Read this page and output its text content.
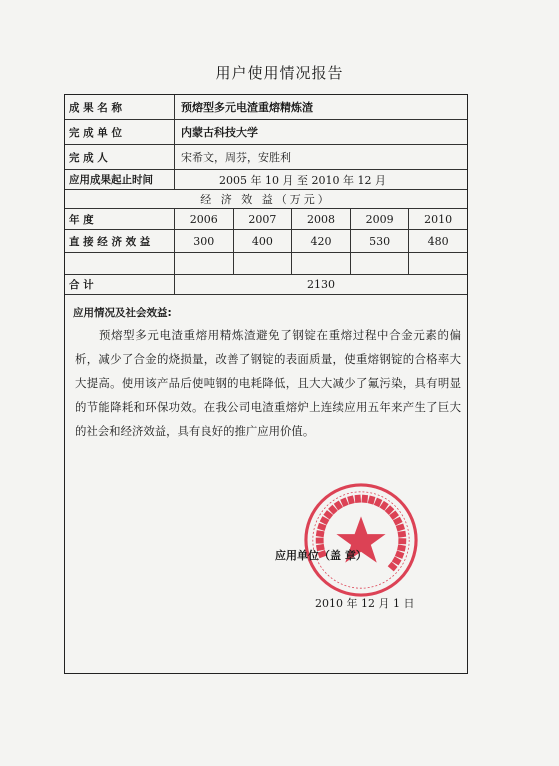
用户使用情况报告
成 果 名 称	预熔型多元电渣重熔精炼渣
完 成 单 位	内蒙古科技大学
完 成 人	宋希文，周芬，安胜利
应用成果起止时间	2005 年 10 月 至 2010 年 12 月
经 济 效 益（万元）
年 度	2006	2007	2008	2009	2010
直 接 经 济 效 益	300	400	420	530	480
合 计	2130
应用情况及社会效益:
预熔型多元电渣重熔用精炼渣避免了钢锭在重熔过程中合金元素的偏析，减少了合金的烧损量，改善了钢锭的表面质量，使重熔钢锭的合格率大大提高。使用该产品后使吨钢的电耗降低，且大大减少了氟污染，具有明显的节能降耗和环保功效。在我公司电渣重熔炉上连续应用五年来产生了巨大的社会和经济效益，具有良好的推广应用价值。
应用单位（盖 章）
2010 年 12 月 1 日
